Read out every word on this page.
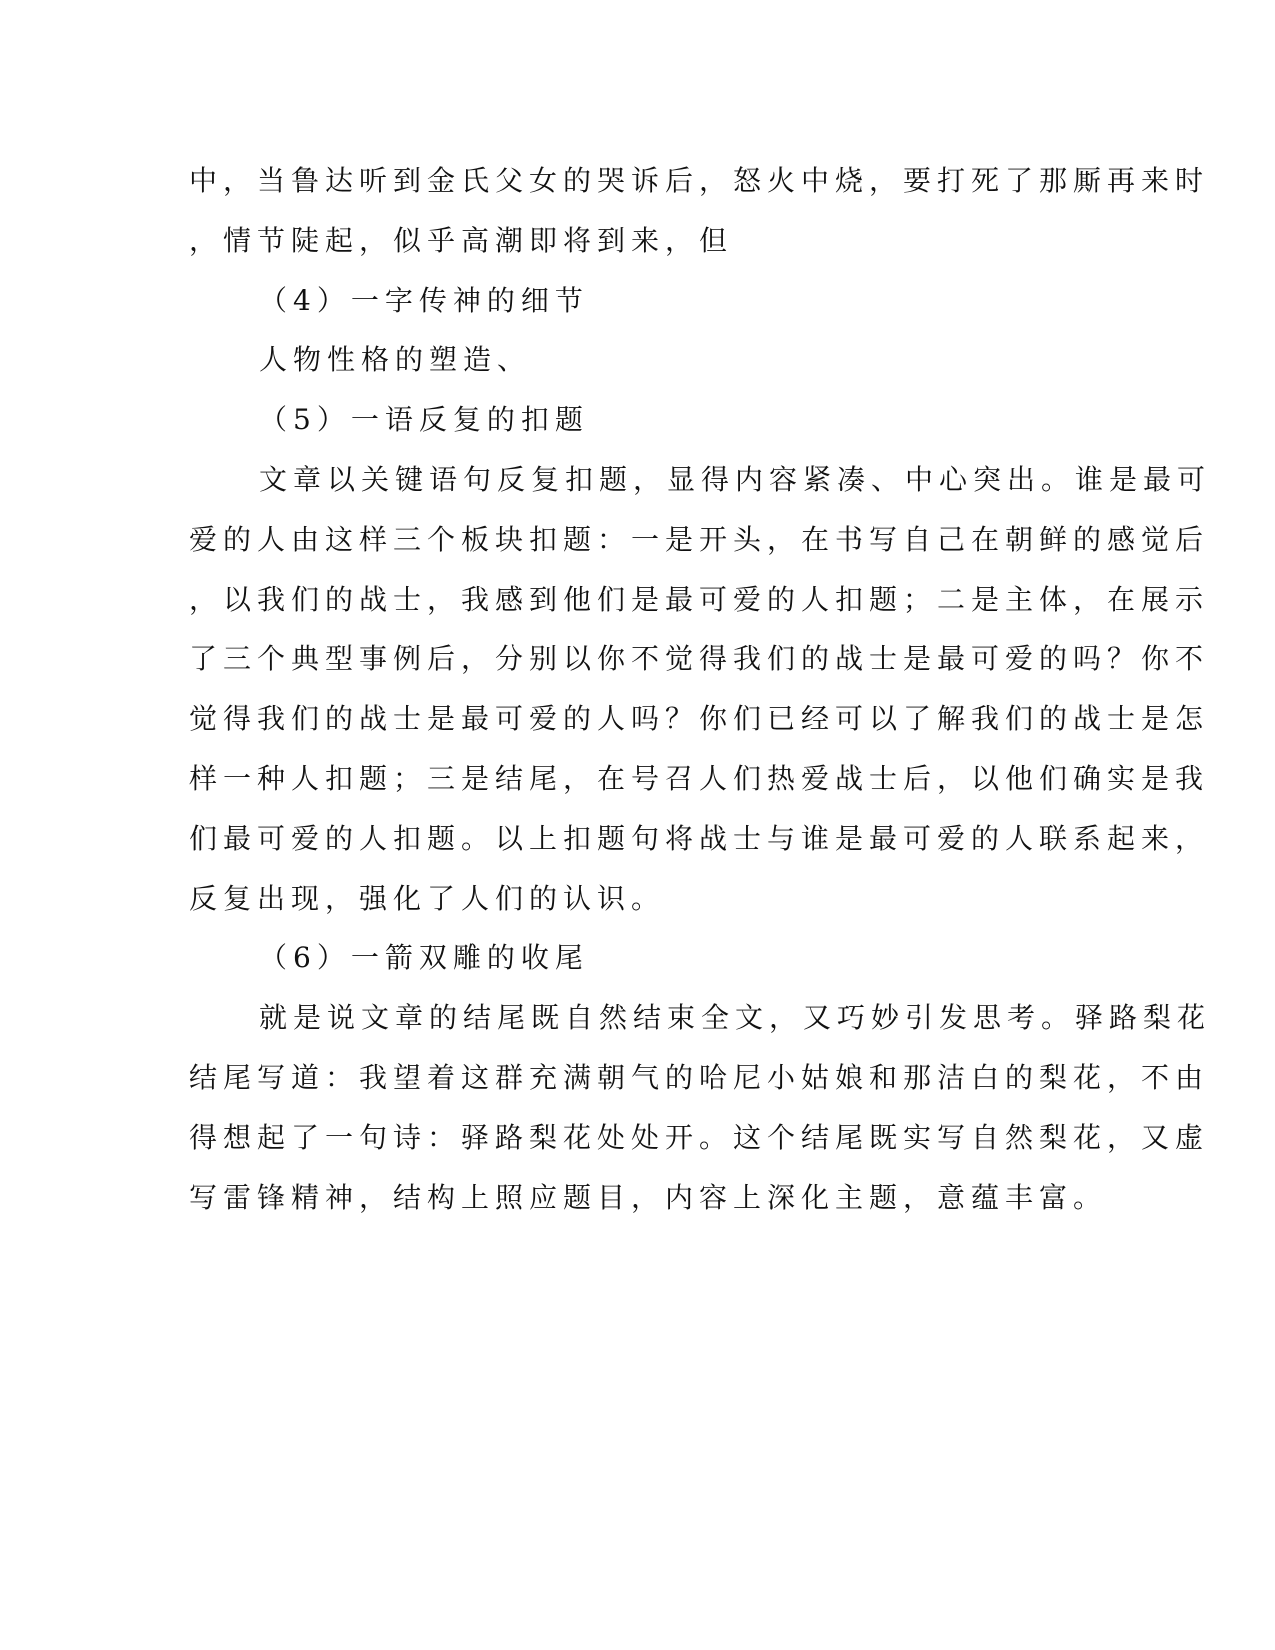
中，当鲁达听到金氏父女的哭诉后，怒火中烧，要打死了那厮再来时
，情节陡起，似乎高潮即将到来，但
（4）一字传神的细节
人物性格的塑造、
（5）一语反复的扣题
文章以关键语句反复扣题，显得内容紧凑、中心突出。谁是最可
爱的人由这样三个板块扣题：一是开头，在书写自己在朝鲜的感觉后
，以我们的战士，我感到他们是最可爱的人扣题；二是主体，在展示
了三个典型事例后，分别以你不觉得我们的战士是最可爱的吗？你不
觉得我们的战士是最可爱的人吗？你们已经可以了解我们的战士是怎
样一种人扣题；三是结尾，在号召人们热爱战士后，以他们确实是我
们最可爱的人扣题。以上扣题句将战士与谁是最可爱的人联系起来，
反复出现，强化了人们的认识。
（6）一箭双雕的收尾
就是说文章的结尾既自然结束全文，又巧妙引发思考。驿路梨花
结尾写道：我望着这群充满朝气的哈尼小姑娘和那洁白的梨花，不由
得想起了一句诗：驿路梨花处处开。这个结尾既实写自然梨花，又虚
写雷锋精神，结构上照应题目，内容上深化主题，意蕴丰富。
